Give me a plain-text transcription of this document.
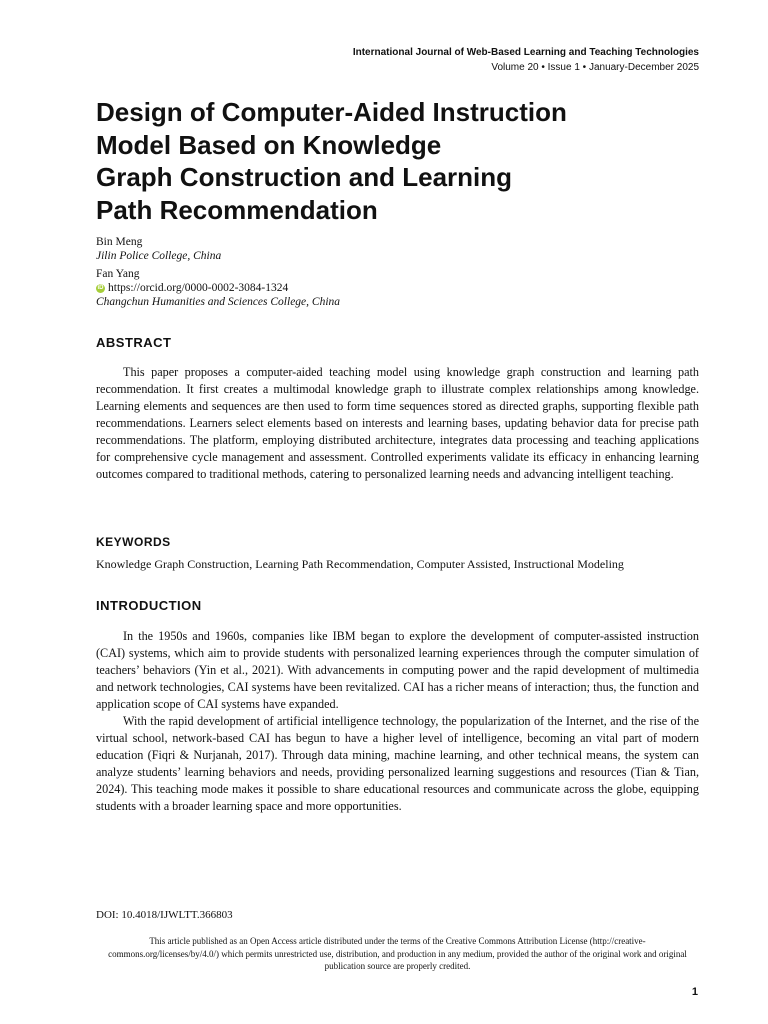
International Journal of Web-Based Learning and Teaching Technologies
Volume 20 • Issue 1 • January-December 2025
Design of Computer-Aided Instruction
Model Based on Knowledge
Graph Construction and Learning
Path Recommendation
Bin Meng
Jilin Police College, China
Fan Yang
iD https://orcid.org/0000-0002-3084-1324
Changchun Humanities and Sciences College, China
ABSTRACT
This paper proposes a computer-aided teaching model using knowledge graph construction and learning path recommendation. It first creates a multimodal knowledge graph to illustrate complex relationships among knowledge. Learning elements and sequences are then used to form time sequences stored as directed graphs, supporting flexible path recommendations. Learners select elements based on interests and learning bases, updating behavior data for precise path recommendations. The platform, employing distributed architecture, integrates data processing and teaching applications for comprehensive cycle management and assessment. Controlled experiments validate its efficacy in enhancing learning outcomes compared to traditional methods, catering to personalized learning needs and advancing intelligent teaching.
KEYWORDS
Knowledge Graph Construction, Learning Path Recommendation, Computer Assisted, Instructional Modeling
INTRODUCTION

In the 1950s and 1960s, companies like IBM began to explore the development of computer-assisted instruction (CAI) systems, which aim to provide students with personalized learning experiences through the computer simulation of teachers’ behaviors (Yin et al., 2021). With advancements in computing power and the rapid development of multimedia and network technologies, CAI systems have been revitalized. CAI has a richer means of interaction; thus, the function and application scope of CAI systems have expanded.

With the rapid development of artificial intelligence technology, the popularization of the Internet, and the rise of the virtual school, network-based CAI has begun to have a higher level of intelligence, becoming an vital part of modern education (Fiqri & Nurjanah, 2017). Through data mining, machine learning, and other technical means, the system can analyze students’ learning behaviors and needs, providing personalized learning suggestions and resources (Tian & Tian, 2024). This teaching mode makes it possible to share educational resources and communicate across the globe, equipping students with a broader learning space and more opportunities.

DOI: 10.4018/IJWLTT.366803
This article published as an Open Access article distributed under the terms of the Creative Commons Attribution License (http://creative-commons.org/licenses/by/4.0/) which permits unrestricted use, distribution, and production in any medium, provided the author of the original work and original publication source are properly credited.
1
